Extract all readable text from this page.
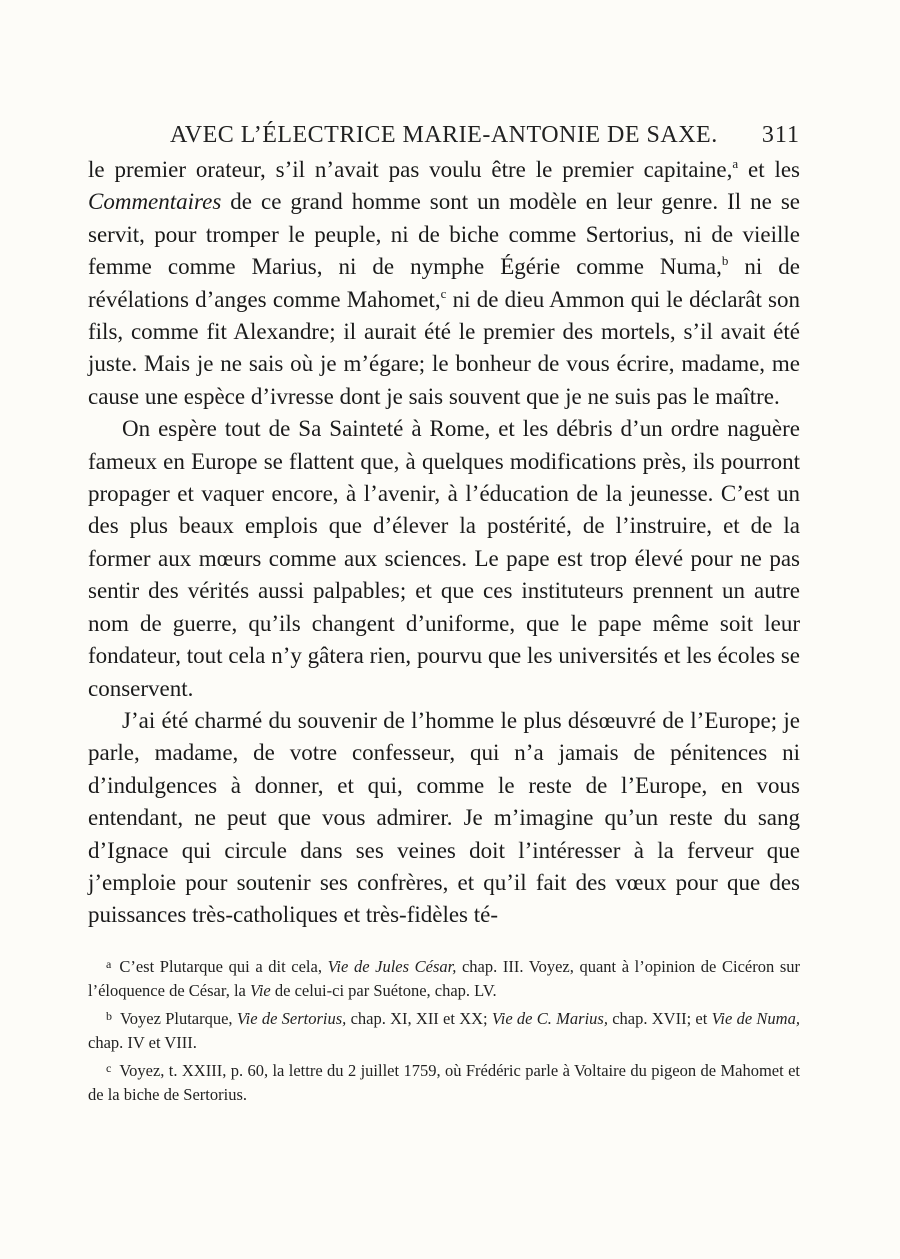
AVEC L’ÉLECTRICE MARIE-ANTONIE DE SAXE. 311

le premier orateur, s’il n’avait pas voulu être le premier capitaine,$^a$ et les Commentaires de ce grand homme sont un modèle en leur genre. Il ne se servit, pour tromper le peuple, ni de biche comme Sertorius, ni de vieille femme comme Marius, ni de nymphe Égérie comme Numa,$^b$ ni de révélations d’anges comme Mahomet,$^c$ ni de dieu Ammon qui le déclarât son fils, comme fit Alexandre; il aurait été le premier des mortels, s’il avait été juste. Mais je ne sais où je m’égare; le bonheur de vous écrire, madame, me cause une espèce d’ivresse dont je sais souvent que je ne suis pas le maître.

On espère tout de Sa Sainteté à Rome, et les débris d’un ordre naguère fameux en Europe se flattent que, à quelques modifications près, ils pourront propager et vaquer encore, à l’avenir, à l’éducation de la jeunesse. C’est un des plus beaux emplois que d’élever la postérité, de l’instruire, et de la former aux mœurs comme aux sciences. Le pape est trop élevé pour ne pas sentir des vérités aussi palpables; et que ces instituteurs prennent un autre nom de guerre, qu’ils changent d’uniforme, que le pape même soit leur fondateur, tout cela n’y gâtera rien, pourvu que les universités et les écoles se conservent.

J’ai été charmé du souvenir de l’homme le plus désœuvré de l’Europe; je parle, madame, de votre confesseur, qui n’a jamais de pénitences ni d’indulgences à donner, et qui, comme le reste de l’Europe, en vous entendant, ne peut que vous admirer. Je m’imagine qu’un reste du sang d’Ignace qui circule dans ses veines doit l’intéresser à la ferveur que j’emploie pour soutenir ses confrères, et qu’il fait des vœux pour que des puissances très-catholiques et très-fidèles té-

$^a$ C’est Plutarque qui a dit cela, Vie de Jules César, chap. III. Voyez, quant à l’opinion de Cicéron sur l’éloquence de César, la Vie de celui-ci par Suétone, chap. LV.

$^b$ Voyez Plutarque, Vie de Sertorius, chap. XI, XII et XX; Vie de C. Marius, chap. XVII; et Vie de Numa, chap. IV et VIII.

$^c$ Voyez, t. XXIII, p. 60, la lettre du 2 juillet 1759, où Frédéric parle à Voltaire du pigeon de Mahomet et de la biche de Sertorius.
